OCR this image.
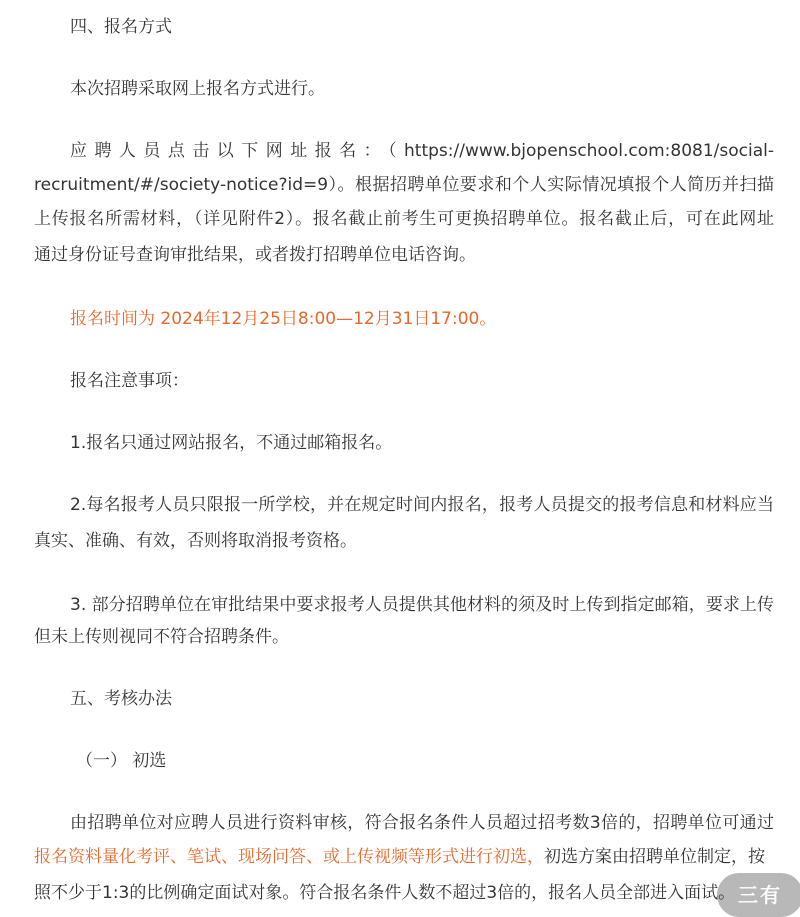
四、报名方式

本次招聘采取网上报名方式进行。

应聘人员点击以下网址报名：（https://www.bjopenschool.com:8081/social-

recruitment/#/society-notice?id=9）。根据招聘单位要求和个人实际情况填报个人简历并扫描

上传报名所需材料，（详见附件2）。报名截止前考生可更换招聘单位。报名截止后，可在此网址

通过身份证号查询审批结果，或者拨打招聘单位电话咨询。

报名时间为 2024年12月25日8:00—12月31日17:00。

报名注意事项：

1.报名只通过网站报名，不通过邮箱报名。

2.每名报考人员只限报一所学校，并在规定时间内报名，报考人员提交的报考信息和材料应当

真实、准确、有效，否则将取消报考资格。

3. 部分招聘单位在审批结果中要求报考人员提供其他材料的须及时上传到指定邮箱，要求上传

但未上传则视同不符合招聘条件。

五、考核办法

（一） 初选

由招聘单位对应聘人员进行资料审核，符合报名条件人员超过招考数3倍的，招聘单位可通过

报名资料量化考评、笔试、现场问答、或上传视频等形式进行初选，初选方案由招聘单位制定，按

照不少于1:3的比例确定面试对象。符合报名条件人数不超过3倍的，报名人员全部进入面试。 三有
